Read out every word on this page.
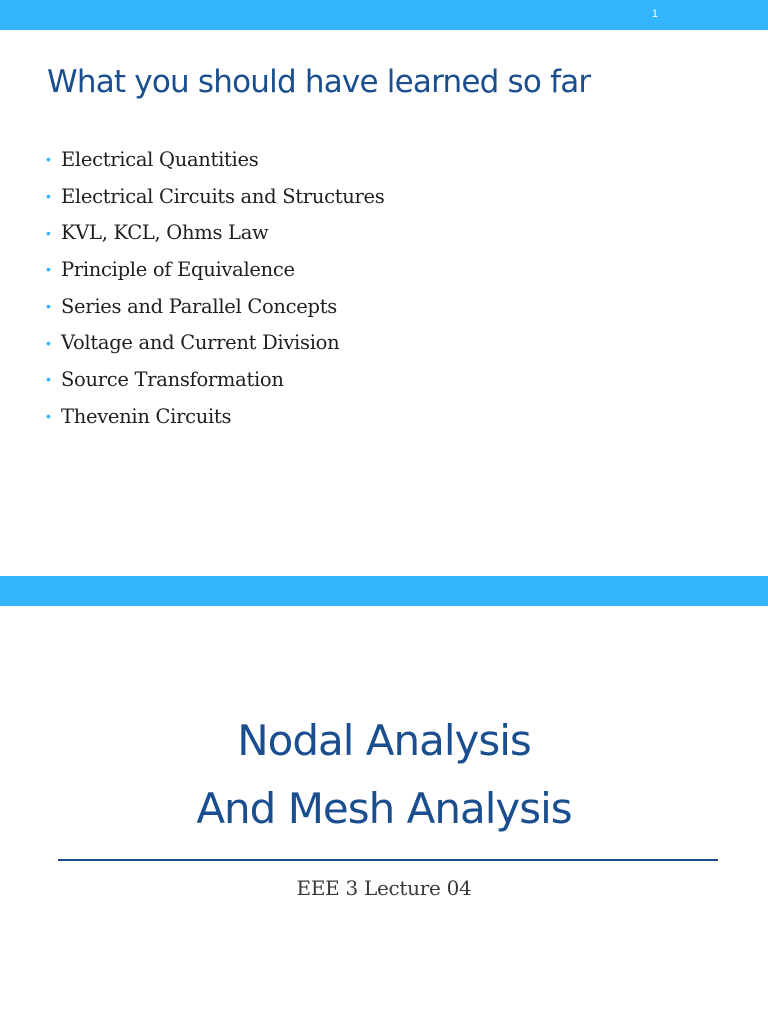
1
What you should have learned so far
• Electrical Quantities
• Electrical Circuits and Structures
• KVL, KCL, Ohms Law
• Principle of Equivalence
• Series and Parallel Concepts
• Voltage and Current Division
• Source Transformation
• Thevenin Circuits
Nodal Analysis
And Mesh Analysis
EEE 3 Lecture 04
